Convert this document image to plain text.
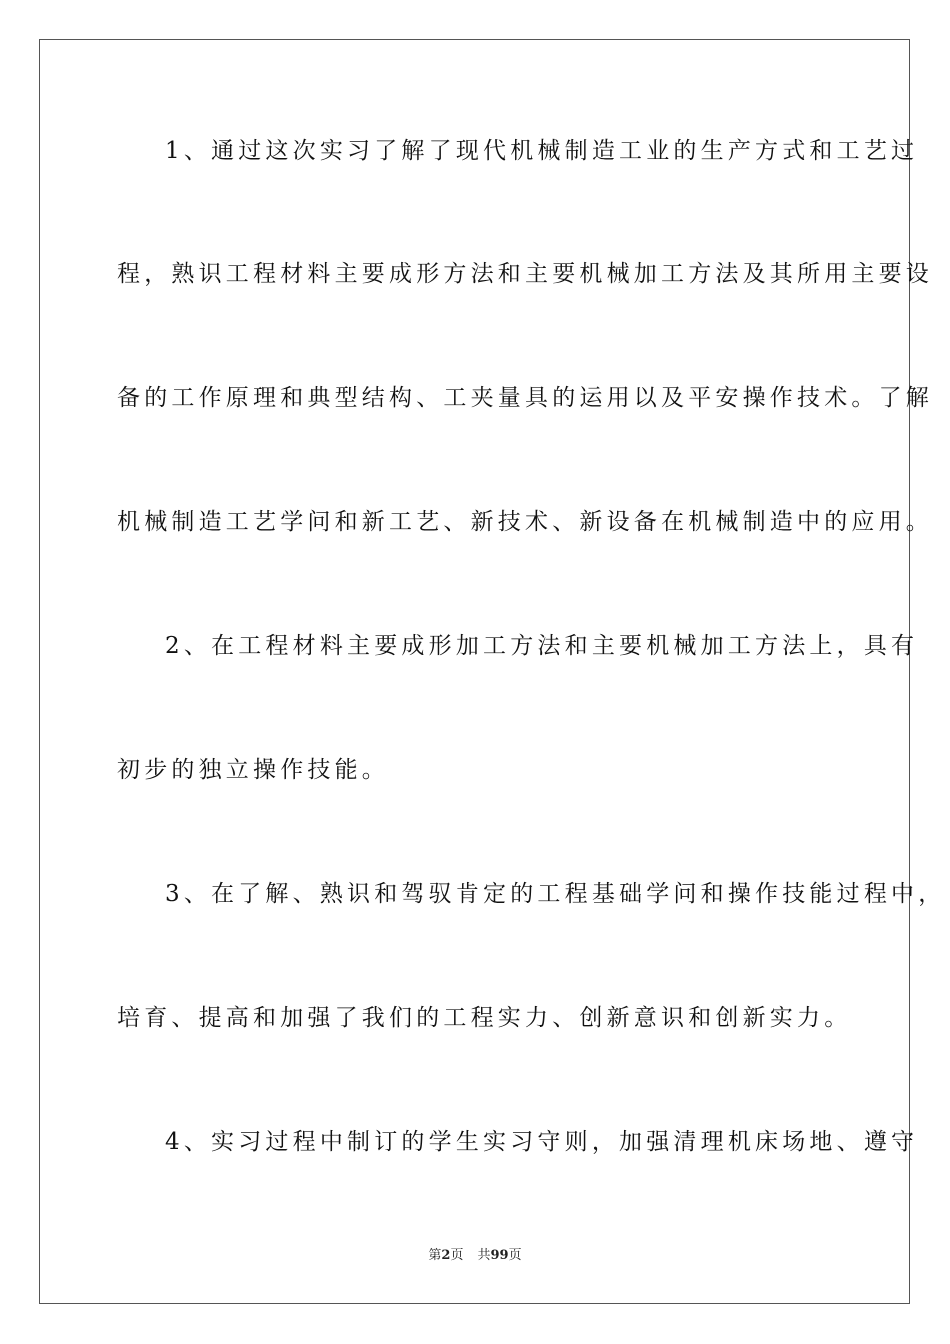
1、通过这次实习了解了现代机械制造工业的生产方式和工艺过
程，熟识工程材料主要成形方法和主要机械加工方法及其所用主要设
备的工作原理和典型结构、工夹量具的运用以及平安操作技术。了解
机械制造工艺学问和新工艺、新技术、新设备在机械制造中的应用。
2、在工程材料主要成形加工方法和主要机械加工方法上，具有
初步的独立操作技能。
3、在了解、熟识和驾驭肯定的工程基础学问和操作技能过程中，
培育、提高和加强了我们的工程实力、创新意识和创新实力。
4、实习过程中制订的学生实习守则，加强清理机床场地、遵守
第2页 共99页
